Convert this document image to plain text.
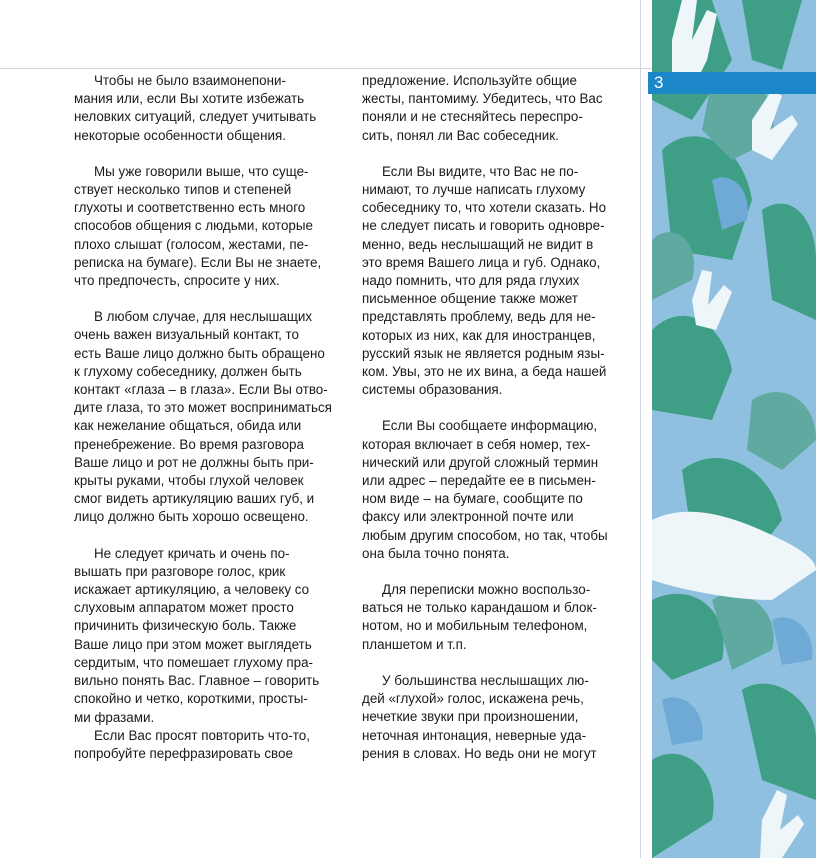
Чтобы не было взаимонепони-
мания или, если Вы хотите избежать
неловких ситуаций, следует учитывать
некоторые особенности общения.

Мы уже говорили выше, что суще-
ствует несколько типов и степеней
глухоты и соответственно есть много
способов общения с людьми, которые
плохо слышат (голосом, жестами, пе-
реписка на бумаге). Если Вы не знаете,
что предпочесть, спросите у них.

В любом случае, для неслышащих
очень важен визуальный контакт, то
есть Ваше лицо должно быть обращено
к глухому собеседнику, должен быть
контакт «глаза – в глаза». Если Вы отво-
дите глаза, то это может восприниматься
как нежелание общаться, обида или
пренебрежение. Во время разговора
Ваше лицо и рот не должны быть при-
крыты руками, чтобы глухой человек
смог видеть артикуляцию ваших губ, и
лицо должно быть хорошо освещено.

Не следует кричать и очень по-
вышать при разговоре голос, крик
искажает артикуляцию, а человеку со
слуховым аппаратом может просто
причинить физическую боль. Также
Ваше лицо при этом может выглядеть
сердитым, что помешает глухому пра-
вильно понять Вас. Главное – говорить
спокойно и четко, короткими, просты-
ми фразами.

Если Вас просят повторить что-то,
попробуйте перефразировать свое

предложение. Используйте общие
жесты, пантомиму. Убедитесь, что Вас
поняли и не стесняйтесь переспро-
сить, понял ли Вас собеседник.

Если Вы видите, что Вас не по-
нимают, то лучше написать глухому
собеседнику то, что хотели сказать. Но
не следует писать и говорить одновре-
менно, ведь неслышащий не видит в
это время Вашего лица и губ. Однако,
надо помнить, что для ряда глухих
письменное общение также может
представлять проблему, ведь для не-
которых из них, как для иностранцев,
русский язык не является родным язы-
ком. Увы, это не их вина, а беда нашей
системы образования.

Если Вы сообщаете информацию,
которая включает в себя номер, тех-
нический или другой сложный термин
или адрес – передайте ее в письмен-
ном виде – на бумаге, сообщите по
факсу или электронной почте или
любым другим способом, но так, чтобы
она была точно понята.

Для переписки можно воспользо-
ваться не только карандашом и блок-
нотом, но и мобильным телефоном,
планшетом и т.п.

У большинства неслышащих лю-
дей «глухой» голос, искажена речь,
нечеткие звуки при произношении,
неточная интонация, неверные уда-
рения в словах. Но ведь они не могут

3
